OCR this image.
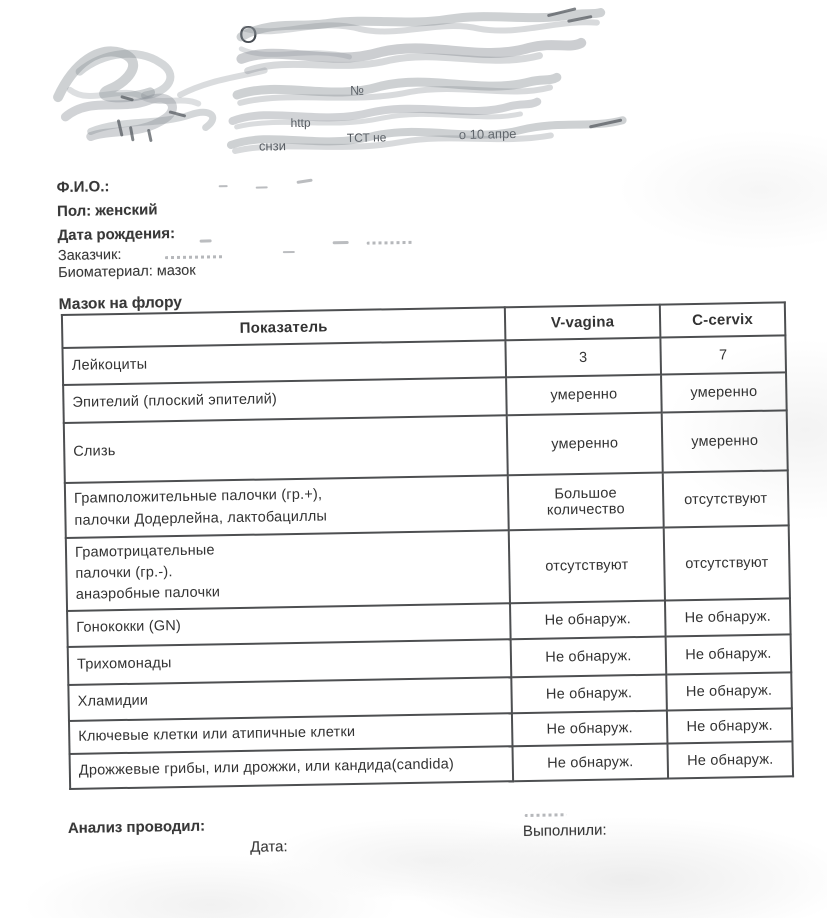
О
№
http
снзи
ТСТ не	о 10 апре
Ф.И.О.:
Пол: женский
Дата рождения:
Заказчик:
Биоматериал: мазок
Мазок на флору
Показатель	V-vagina	C-cervix
Лейкоциты	3	7
Эпителий (плоский эпителий)	умеренно	умеренно
Слизь	умеренно	умеренно
Грамположительные палочки (гр.+),
палочки Додерлейна, лактобациллы	Большое количество	отсутствуют
Грамотрицательные
палочки (гр.-).
анаэробные палочки	отсутствуют	отсутствуют
Гонококки (GN)	Не обнаруж.	Не обнаруж.
Трихомонады	Не обнаруж.	Не обнаруж.
Хламидии	Не обнаруж.	Не обнаруж.
Ключевые клетки или атипичные клетки	Не обнаруж.	Не обнаруж.
Дрожжевые грибы, или дрожжи, или кандида(candida)	Не обнаруж.	Не обнаруж.
Анализ проводил:
Дата:
Выполнили:
